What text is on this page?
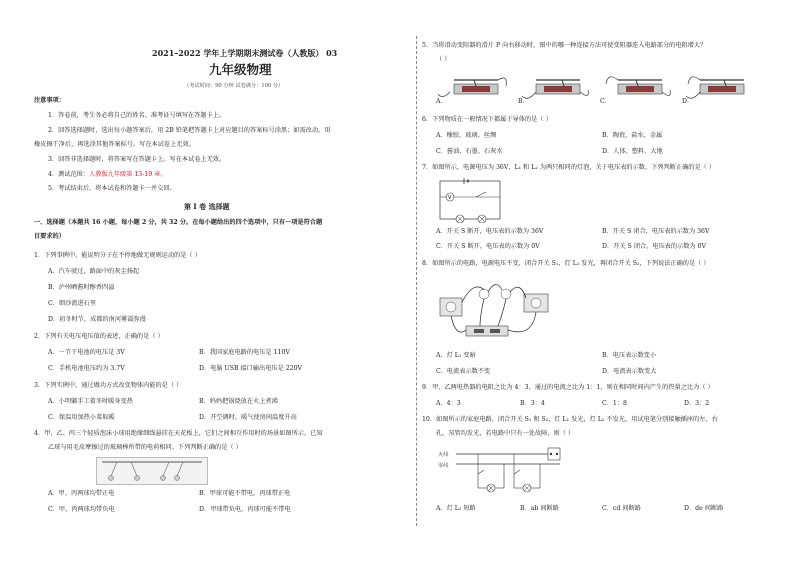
2021–2022 学年上学期期末测试卷（人教版） 03
九年级物理
（考试时间：90 分钟 试卷满分：100 分）
注意事项：
1．答卷前，考生务必将自己的姓名、准考证号填写在答题卡上。
2．回答选择题时，选出每小题答案后，用 2B 铅笔把答题卡上对应题目的答案标号涂黑；如需改动，用
橡皮擦干净后，再选涂其他答案标号。写在本试卷上无效。
3．回答非选择题时，将答案写在答题卡上。写在本试卷上无效。
4．测试范围：人教版九年级第 13-19 章。
5．考试结束后，将本试卷和答题卡一并交回。
第 Ⅰ 卷 选择题
一、选择题（本题共 16 小题，每小题 2 分，共 32 分。在每小题给出的四个选项中，只有一项是符合题
目要求的）
1．下列事例中，能说明分子在不停地做无规则运动的是（ ）
A．汽车驶过，路面中的灰尘扬起
B．泸州晒酱时醇香四溢
C．细沙流进石里
D．初冬时节，成都的南河雾霭弥漫
2．下列有关电压电压值的表述，正确的是（ ）
A．一节干电池的电压是 3V	B．我国家庭电路的电压是 110V
C．手机电池电压约为 3.7V	D．电脑 USB 接口输出电压是 220V
3．下列实例中，通过做功方式改变物体内能的是（ ）
A．小明躺手工着冬时暖身变热	B．妈妈把锅烧放在火上煮沸
C．保温用加热小菜取暖	D．开空调时，暖气使房间温度升高
4．甲、乙、丙三个轻质泡沫小球用绝缘细线悬挂在天花板上，它们之间相互作用时的场景如图所示，已知
乙球与用毛皮摩擦过的玻璃棒所带的电荷相同。下列判断正确的是（ ）
A．甲、丙两球均带正电	B．甲球可能不带电，丙球带正电
C．甲、丙两球均带负电	D．甲球带负电，丙球可能不带电
5．当将滑动变阻器的滑片 P 向右移动时，图中的哪一种连接方法可使变阻器连入电路部分的电阻增大？
（ ）
A．	B．	C．	D．
6．下列物质在一般情况下都属于导体的是（ ）
A．橡胶、玻璃、丝绸	B．陶瓷、盐水、金属
C．酱油、石墨、石灰水	D．人体、塑料、大地
7．如图所示，电源电压为 36V，L₁ 和 L₂ 为两只相同的灯泡，关于电压表的示数，下列判断正确的是（ ）
V
A．开关 S 断开，电压表的示数为 36V	B．开关 S 闭合，电压表的示数为 36V
C．开关 S 断开，电压表的示数为 0V	D．开关 S 闭合，电压表的示数为 0V
8．如图所示的电路，电源电压不变，闭合开关 S₁，灯 L₁ 发光，再闭合开关 S₂，下列说法正确的是（ ）
A．灯 L₁ 变暗	B．电压表示数变小
C．电流表示数不变	D．电流表示数变大
9．甲、乙两电热器的电阻之比为 4：3，通过的电流之比为 1：1，则在相同时间内产生的热量之比为（ ）
A．4：3	B．3：4	C．1：8	D．3：2
10．如图所示的家庭电路，闭合开关 S₁ 和 S₂，灯 L₁ 发光，灯 L₂ 不发光，用试电笔分别接触插座的左、右
孔，氖管均发光，若电路中只有一处故障，则（ ）
火线
零线
A．灯 L₂ 短路	B．ab 间断路	C．cd 间断路	D．de 间断路
